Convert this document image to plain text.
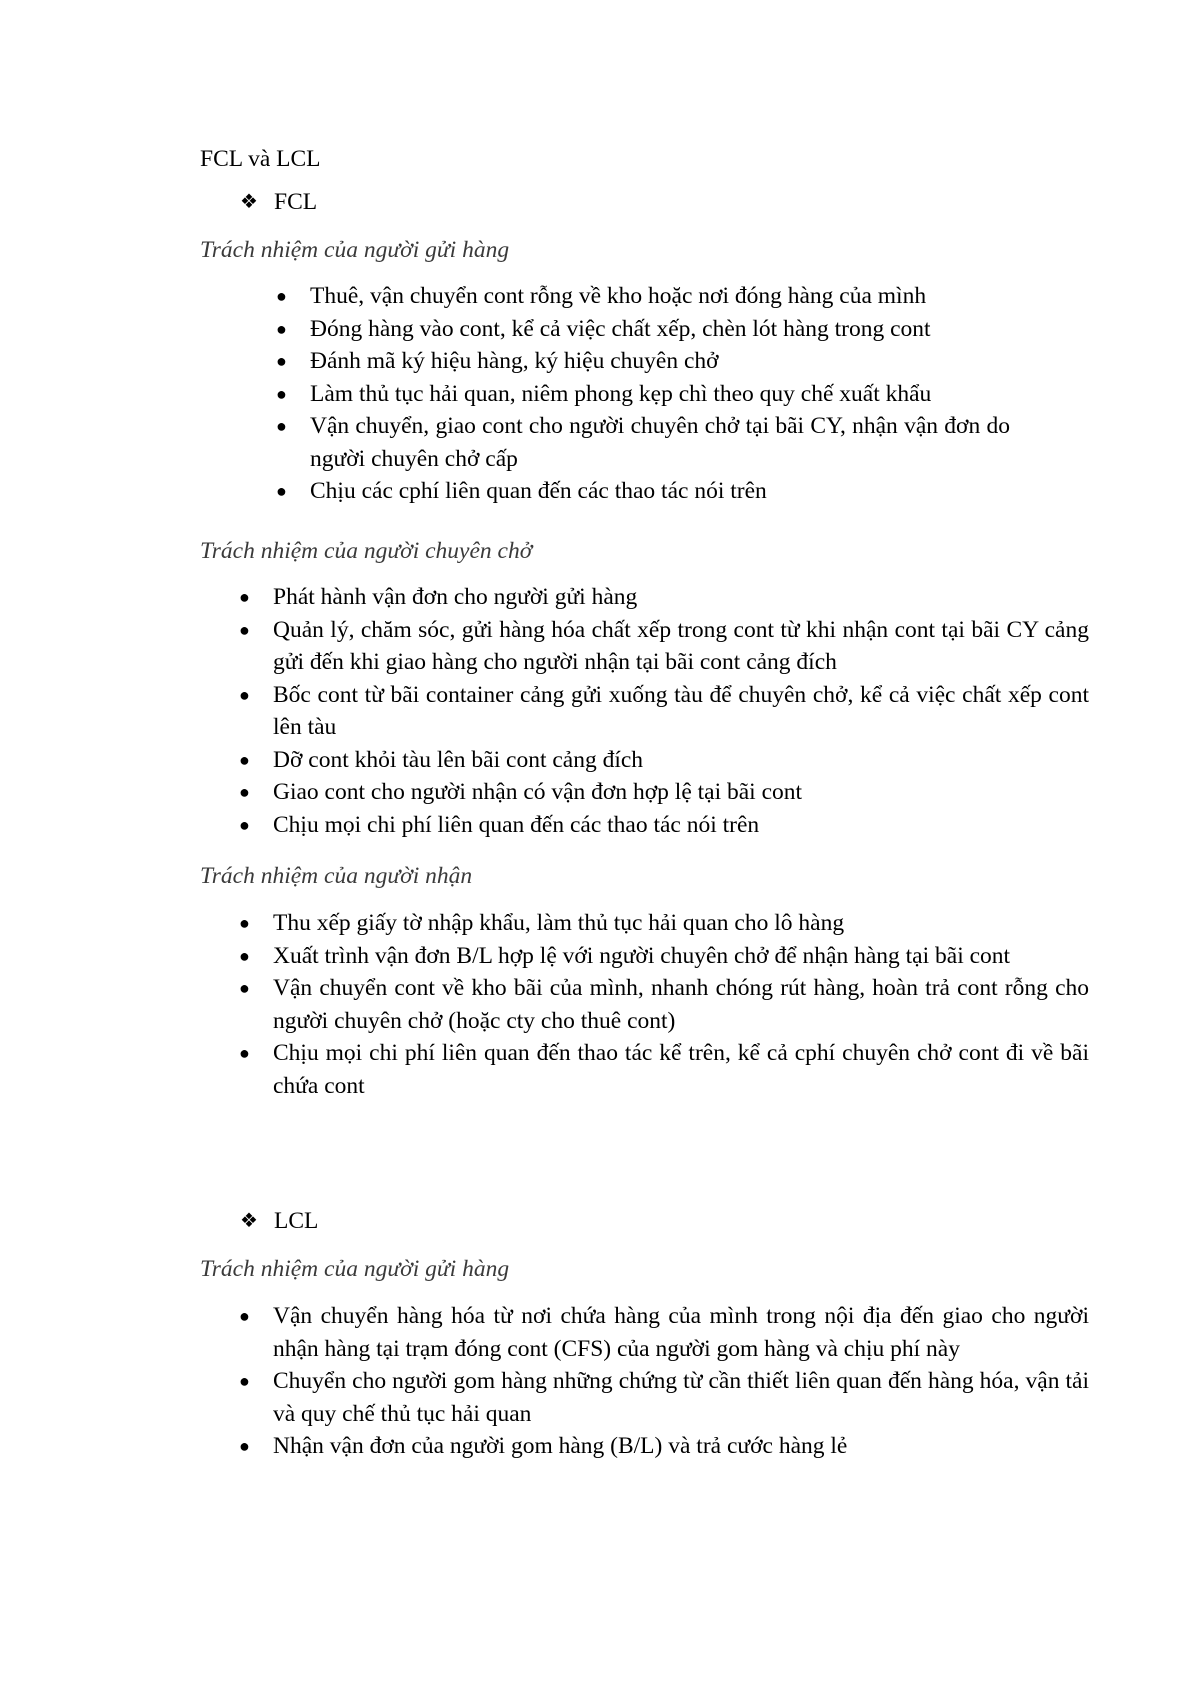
FCL và LCL
❖ FCL
Trách nhiệm của người gửi hàng
● Thuê, vận chuyển cont rỗng về kho hoặc nơi đóng hàng của mình
● Đóng hàng vào cont, kể cả việc chất xếp, chèn lót hàng trong cont
● Đánh mã ký hiệu hàng, ký hiệu chuyên chở
● Làm thủ tục hải quan, niêm phong kẹp chì theo quy chế xuất khẩu
● Vận chuyển, giao cont cho người chuyên chở tại bãi CY, nhận vận đơn do người chuyên chở cấp
● Chịu các cphí liên quan đến các thao tác nói trên
Trách nhiệm của người chuyên chở
● Phát hành vận đơn cho người gửi hàng
● Quản lý, chăm sóc, gửi hàng hóa chất xếp trong cont từ khi nhận cont tại bãi CY cảng gửi đến khi giao hàng cho người nhận tại bãi cont cảng đích
● Bốc cont từ bãi container cảng gửi xuống tàu để chuyên chở, kể cả việc chất xếp cont lên tàu
● Dỡ cont khỏi tàu lên bãi cont cảng đích
● Giao cont cho người nhận có vận đơn hợp lệ tại bãi cont
● Chịu mọi chi phí liên quan đến các thao tác nói trên
Trách nhiệm của người nhận
● Thu xếp giấy tờ nhập khẩu, làm thủ tục hải quan cho lô hàng
● Xuất trình vận đơn B/L hợp lệ với người chuyên chở để nhận hàng tại bãi cont
● Vận chuyển cont về kho bãi của mình, nhanh chóng rút hàng, hoàn trả cont rỗng cho người chuyên chở (hoặc cty cho thuê cont)
● Chịu mọi chi phí liên quan đến thao tác kể trên, kể cả cphí chuyên chở cont đi về bãi chứa cont
❖ LCL
Trách nhiệm của người gửi hàng
● Vận chuyển hàng hóa từ nơi chứa hàng của mình trong nội địa đến giao cho người nhận hàng tại trạm đóng cont (CFS) của người gom hàng và chịu phí này
● Chuyển cho người gom hàng những chứng từ cần thiết liên quan đến hàng hóa, vận tải và quy chế thủ tục hải quan
● Nhận vận đơn của người gom hàng (B/L) và trả cước hàng lẻ
